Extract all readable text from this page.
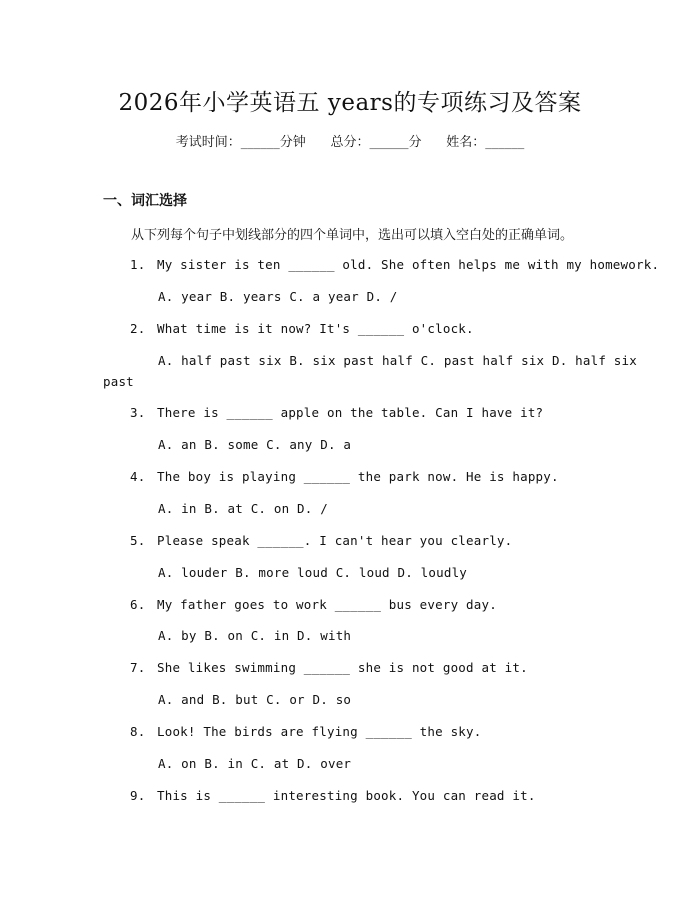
2026年小学英语五 years的专项练习及答案
考试时间：______分钟      总分：______分      姓名：______
一、词汇选择
从下列每个句子中划线部分的四个单词中，选出可以填入空白处的正确单词。
1. My sister is ten ______ old. She often helps me with my homework.
A. year B. years C. a year D. /
2. What time is it now? It's ______ o'clock.
A. half past six B. six past half C. past half six D. half six
past
3. There is ______ apple on the table. Can I have it?
A. an B. some C. any D. a
4. The boy is playing ______ the park now. He is happy.
A. in B. at C. on D. /
5. Please speak ______. I can't hear you clearly.
A. louder B. more loud C. loud D. loudly
6. My father goes to work ______ bus every day.
A. by B. on C. in D. with
7. She likes swimming ______ she is not good at it.
A. and B. but C. or D. so
8. Look! The birds are flying ______ the sky.
A. on B. in C. at D. over
9. This is ______ interesting book. You can read it.
